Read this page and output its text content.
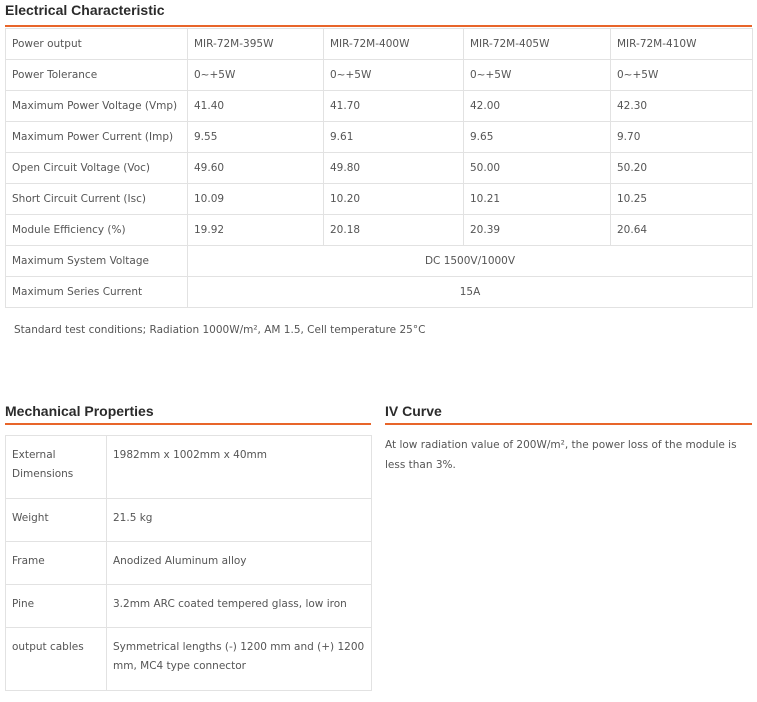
Electrical Characteristic
Power output	MIR-72M-395W	MIR-72M-400W	MIR-72M-405W	MIR-72M-410W
Power Tolerance	0~+5W	0~+5W	0~+5W	0~+5W
Maximum Power Voltage (Vmp)	41.40	41.70	42.00	42.30
Maximum Power Current (Imp)	9.55	9.61	9.65	9.70
Open Circuit Voltage (Voc)	49.60	49.80	50.00	50.20
Short Circuit Current (Isc)	10.09	10.20	10.21	10.25
Module Efficiency (%)	19.92	20.18	20.39	20.64
Maximum System Voltage	DC 1500V/1000V			
Maximum Series Current	15A			
Standard test conditions; Radiation 1000W/m², AM 1.5, Cell temperature 25°C
Mechanical Properties
External Dimensions	1982mm x 1002mm x 40mm
Weight	21.5 kg
Frame	Anodized Aluminum alloy
Pine	3.2mm ARC coated tempered glass, low iron
output cables	Symmetrical lengths (-) 1200 mm and (+) 1200 mm, MC4 type connector
IV Curve
At low radiation value of 200W/m², the power loss of the module is less than 3%.
